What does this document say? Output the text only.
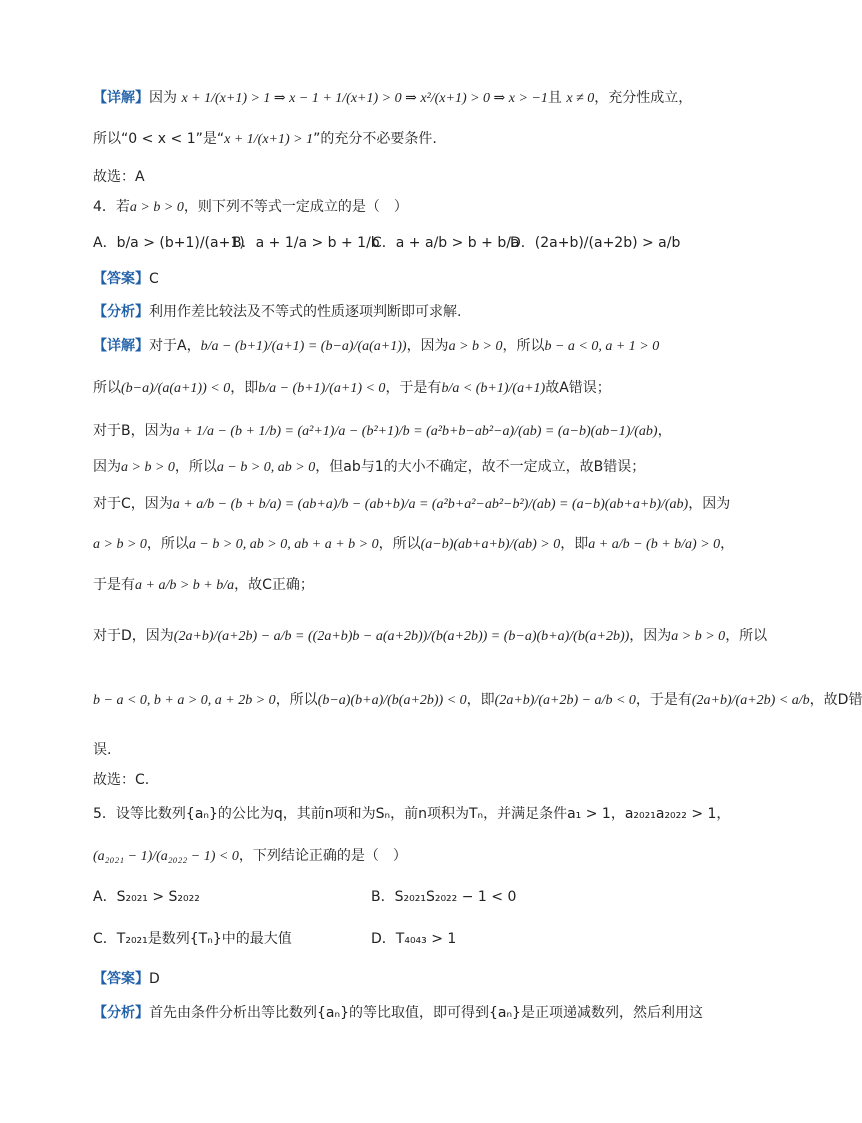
【详解】因为 x + 1/(x+1) > 1 ⇒ x − 1 + 1/(x+1) > 0 ⇒ x²/(x+1) > 0 ⇒ x > −1且 x ≠ 0，充分性成立，
所以“0 < x < 1”是“x + 1/(x+1) > 1”的充分不必要条件.
故选：A
4．若a > b > 0，则下列不等式一定成立的是（　）
A．b/a > (b+1)/(a+1)
B．a + 1/a > b + 1/b
C．a + a/b > b + b/a
D．(2a+b)/(a+2b) > a/b
【答案】C
【分析】利用作差比较法及不等式的性质逐项判断即可求解.
【详解】对于A，b/a − (b+1)/(a+1) = (b−a)/(a(a+1))，因为a > b > 0，所以b − a < 0, a + 1 > 0
所以(b−a)/(a(a+1)) < 0，即b/a − (b+1)/(a+1) < 0，于是有b/a < (b+1)/(a+1)故A错误；
对于B，因为a + 1/a − (b + 1/b) = (a²+1)/a − (b²+1)/b = (a²b+b−ab²−a)/(ab) = (a−b)(ab−1)/(ab)，
因为a > b > 0，所以a − b > 0, ab > 0，但ab与1的大小不确定，故不一定成立，故B错误；
对于C，因为a + a/b − (b + b/a) = (ab+a)/b − (ab+b)/a = (a²b+a²−ab²−b²)/(ab) = (a−b)(ab+a+b)/(ab)，因为
a > b > 0，所以a − b > 0, ab > 0, ab + a + b > 0，所以(a−b)(ab+a+b)/(ab) > 0，即a + a/b − (b + b/a) > 0，
于是有a + a/b > b + b/a，故C正确；
对于D，因为(2a+b)/(a+2b) − a/b = ((2a+b)b − a(a+2b))/(b(a+2b)) = (b−a)(b+a)/(b(a+2b))，因为a > b > 0，所以
b − a < 0, b + a > 0, a + 2b > 0，所以(b−a)(b+a)/(b(a+2b)) < 0，即(2a+b)/(a+2b) − a/b < 0，于是有(2a+b)/(a+2b) < a/b，故D错
误.
故选：C.
5．设等比数列{aₙ}的公比为q，其前n项和为Sₙ，前n项积为Tₙ，并满足条件a₁ > 1，a₂₀₂₁a₂₀₂₂ > 1，
(a₂₀₂₁ − 1)/(a₂₀₂₂ − 1) < 0，下列结论正确的是（　）
A．S₂₀₂₁ > S₂₀₂₂	B．S₂₀₂₁S₂₀₂₂ − 1 < 0
C．T₂₀₂₁是数列{Tₙ}中的最大值	D．T₄₀₄₃ > 1
【答案】D
【分析】首先由条件分析出等比数列{aₙ}的等比取值，即可得到{aₙ}是正项递减数列，然后利用这
